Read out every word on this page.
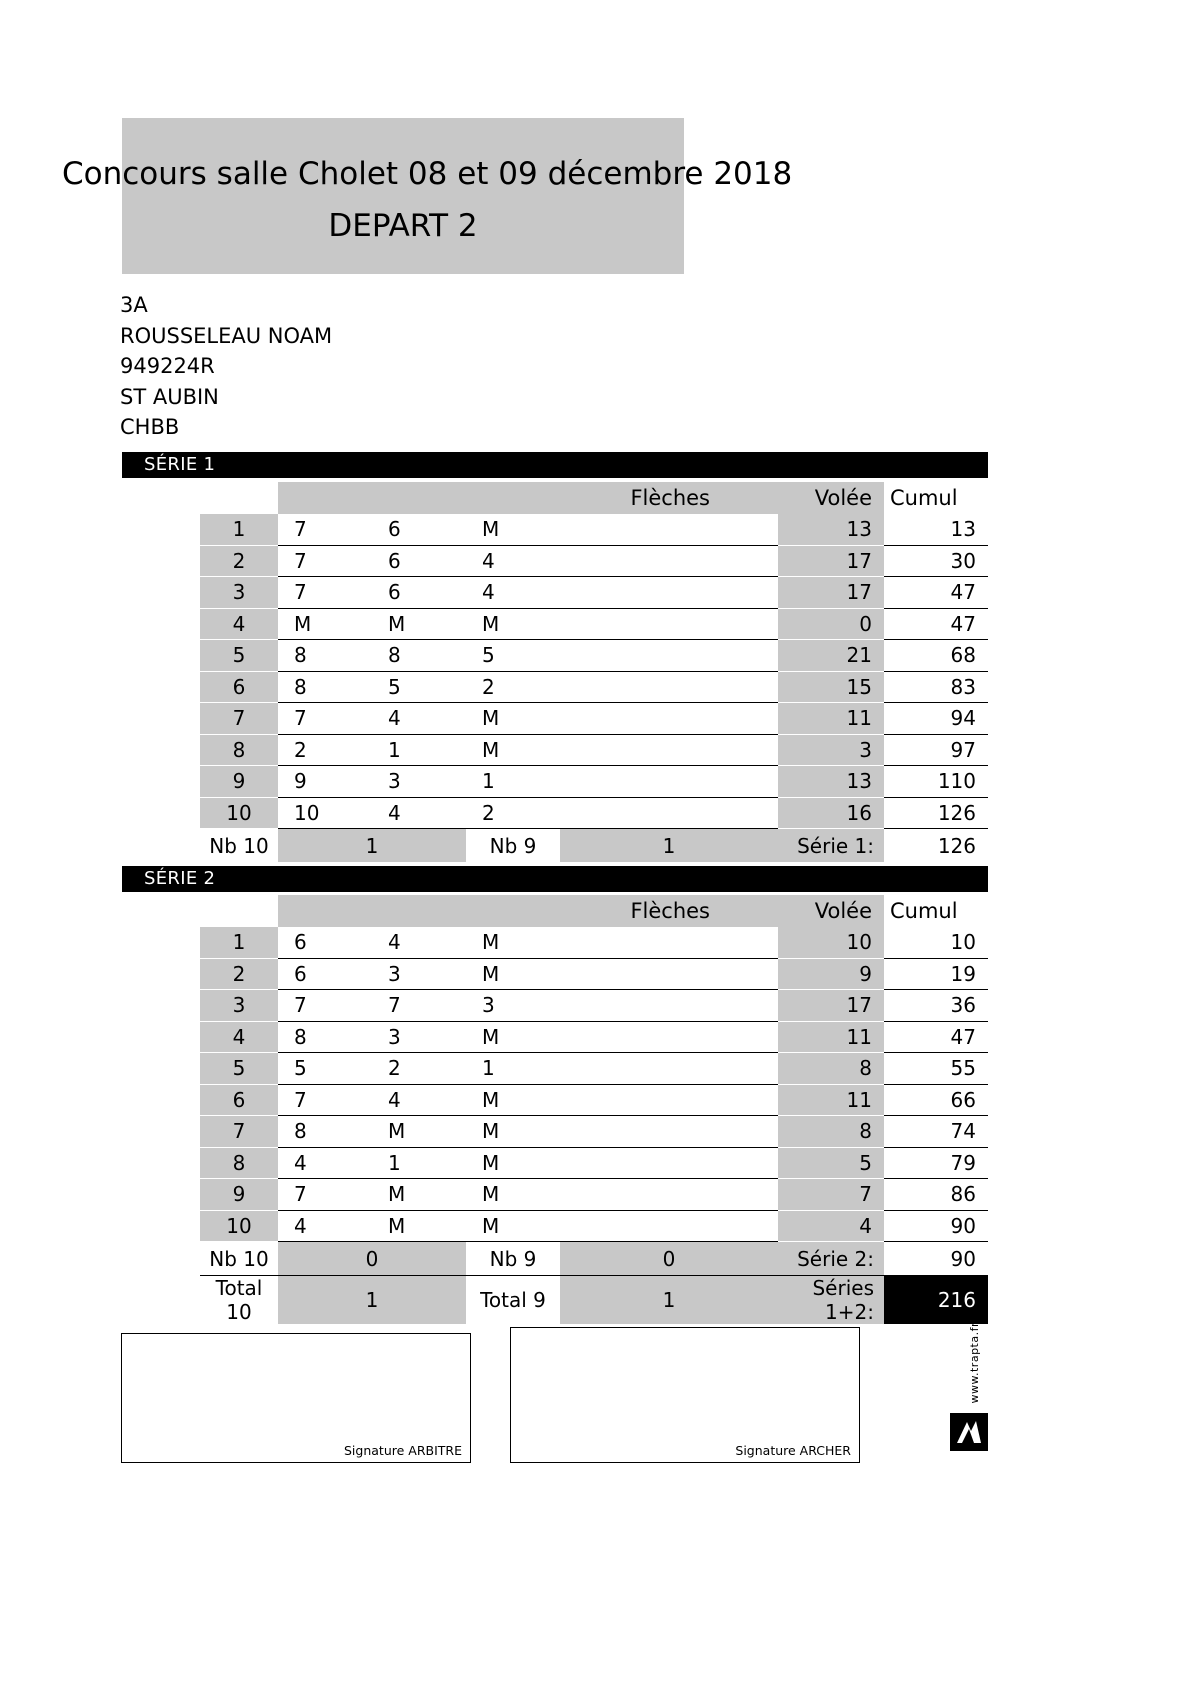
Concours salle Cholet 08 et 09 décembre 2018
DEPART 2
3A
ROUSSELEAU NOAM
949224R
ST AUBIN
CHBB
SÉRIE 1
	Flèches				Volée	Cumul
1	7	6	M		13	13
2	7	6	4		17	30
3	7	6	4		17	47
4	M	M	M		0	47
5	8	8	5		21	68
6	8	5	2		15	83
7	7	4	M		11	94
8	2	1	M		3	97
9	9	3	1		13	110
10	10	4	2		16	126
Nb 10	1		Nb 9	1	Série 1:	126
SÉRIE 2
	Flèches				Volée	Cumul
1	6	4	M		10	10
2	6	3	M		9	19
3	7	7	3		17	36
4	8	3	M		11	47
5	5	2	1		8	55
6	7	4	M		11	66
7	8	M	M		8	74
8	4	1	M		5	79
9	7	M	M		7	86
10	4	M	M		4	90
Nb 10	0		Nb 9	0	Série 2:	90
Total 10	1		Total 9	1	Séries 1+2:	216
Signature ARBITRE	Signature ARCHER
www.trapta.fr
